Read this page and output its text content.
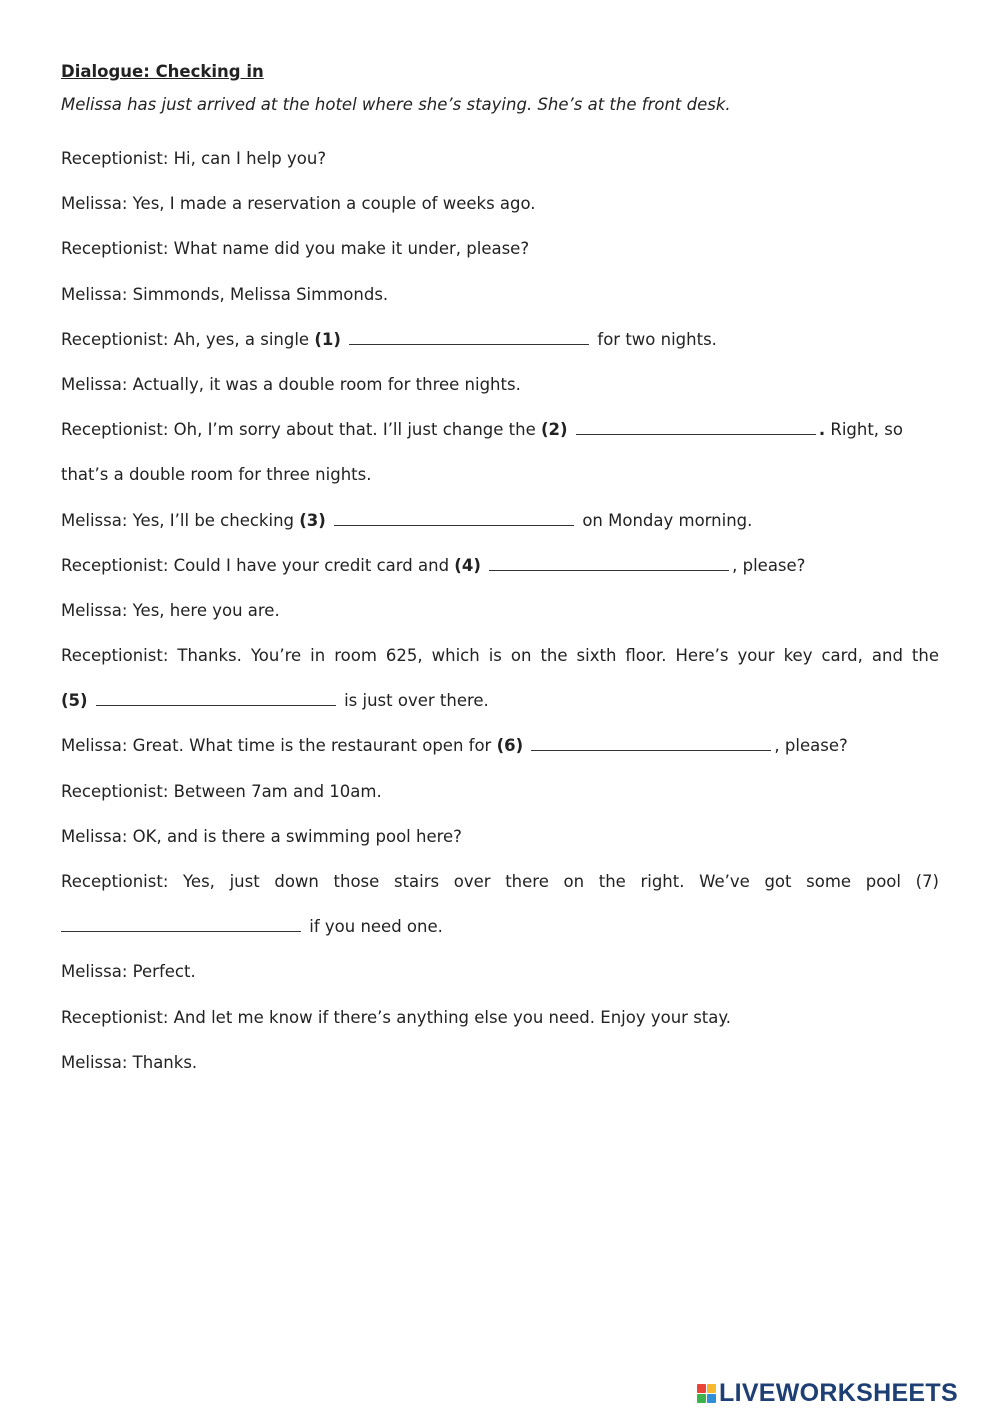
Dialogue: Checking in

Melissa has just arrived at the hotel where she’s staying. She’s at the front desk.

Receptionist: Hi, can I help you?

Melissa: Yes, I made a reservation a couple of weeks ago.

Receptionist: What name did you make it under, please?

Melissa: Simmonds, Melissa Simmonds.

Receptionist: Ah, yes, a single (1)	for two nights.

Melissa: Actually, it was a double room for three nights.

Receptionist: Oh, I’m sorry about that. I’ll just change the (2)	. Right, so

that’s a double room for three nights.

Melissa: Yes, I’ll be checking (3)	on Monday morning.

Receptionist: Could I have your credit card and (4)	, please?

Melissa: Yes, here you are.

Receptionist: Thanks. You’re in room 625, which is on the sixth floor. Here’s your key card, and the

(5)	is just over there.

Melissa: Great. What time is the restaurant open for (6)	, please?

Receptionist: Between 7am and 10am.

Melissa: OK, and is there a swimming pool here?

Receptionist: Yes, just down those stairs over there on the right. We’ve got some pool (7)

if you need one.

Melissa: Perfect.

Receptionist: And let me know if there’s anything else you need. Enjoy your stay.

Melissa: Thanks.

LIVEWORKSHEETS
